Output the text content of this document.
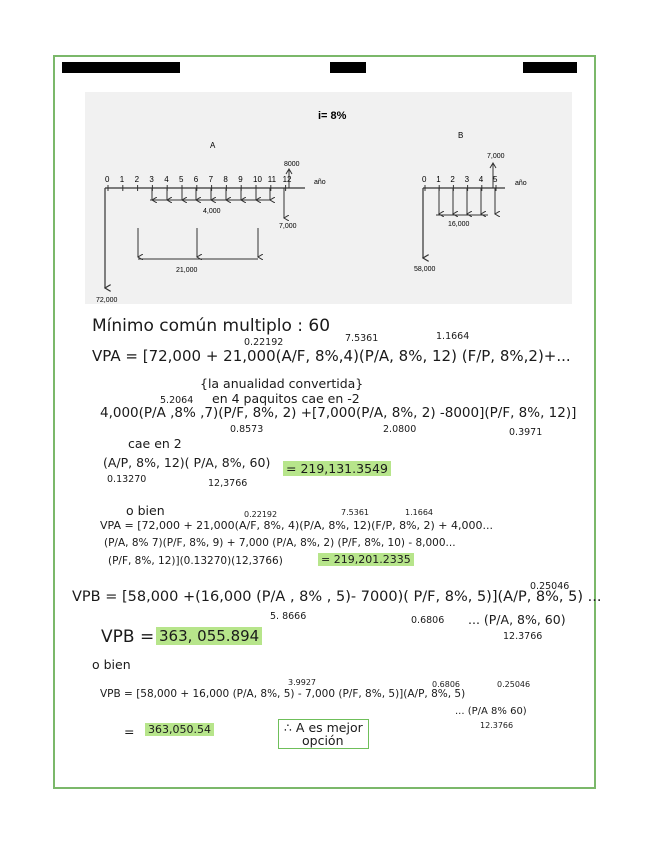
i= 8%
A
año
0 1 2 3 4 5 6 7 8 9 10 11 12
8000
4,000
7,000
21,000
72,000
B
año
0 1 2 3 4 5
7,000
16,000
58,000
Mínimo común multiplo : 60
0.22192	7.5361	1.1664
VPA = [72,000 + 21,000(A/F, 8%,4)(P/A, 8%, 12) (F/P, 8%,2)+...
5.2064
{la anualidad convertida}
en 4 paquitos cae en -2
4,000(P/A ,8% ,7)(P/F, 8%, 2) +[7,000(P/A, 8%, 2) -8000](P/F, 8%, 12)]
0.8573	2.0800	0.3971
cae en 2
(A/P, 8%, 12)( P/A, 8%, 60)
0.13270	12,3766
= 219,131.3549
o bien	0.22192	7.5361	1.1664
VPA = [72,000 + 21,000(A/F, 8%, 4)(P/A, 8%, 12)(F/P, 8%, 2) + 4,000...
(P/A, 8% 7)(P/F, 8%, 9) + 7,000 (P/A, 8%, 2) (P/F, 8%, 10) - 8,000...
(P/F, 8%, 12)](0.13270)(12,3766)	= 219,201.2335
0.25046
VPB = [58,000 +(16,000 (P/A , 8% , 5)- 7000)( P/F, 8%, 5)](A/P, 8%, 5) ...
5. 8666	0.6806 ... (P/A, 8%, 60)
12.3766
VPB = 363, 055.894
o bien
3.9927	0.6806	0.25046
VPB = [58,000 + 16,000 (P/A, 8%, 5) - 7,000 (P/F, 8%, 5)](A/P, 8%, 5)
... (P/A 8% 60)
12.3766
= 363,050.54	∴ A es mejor
opción
